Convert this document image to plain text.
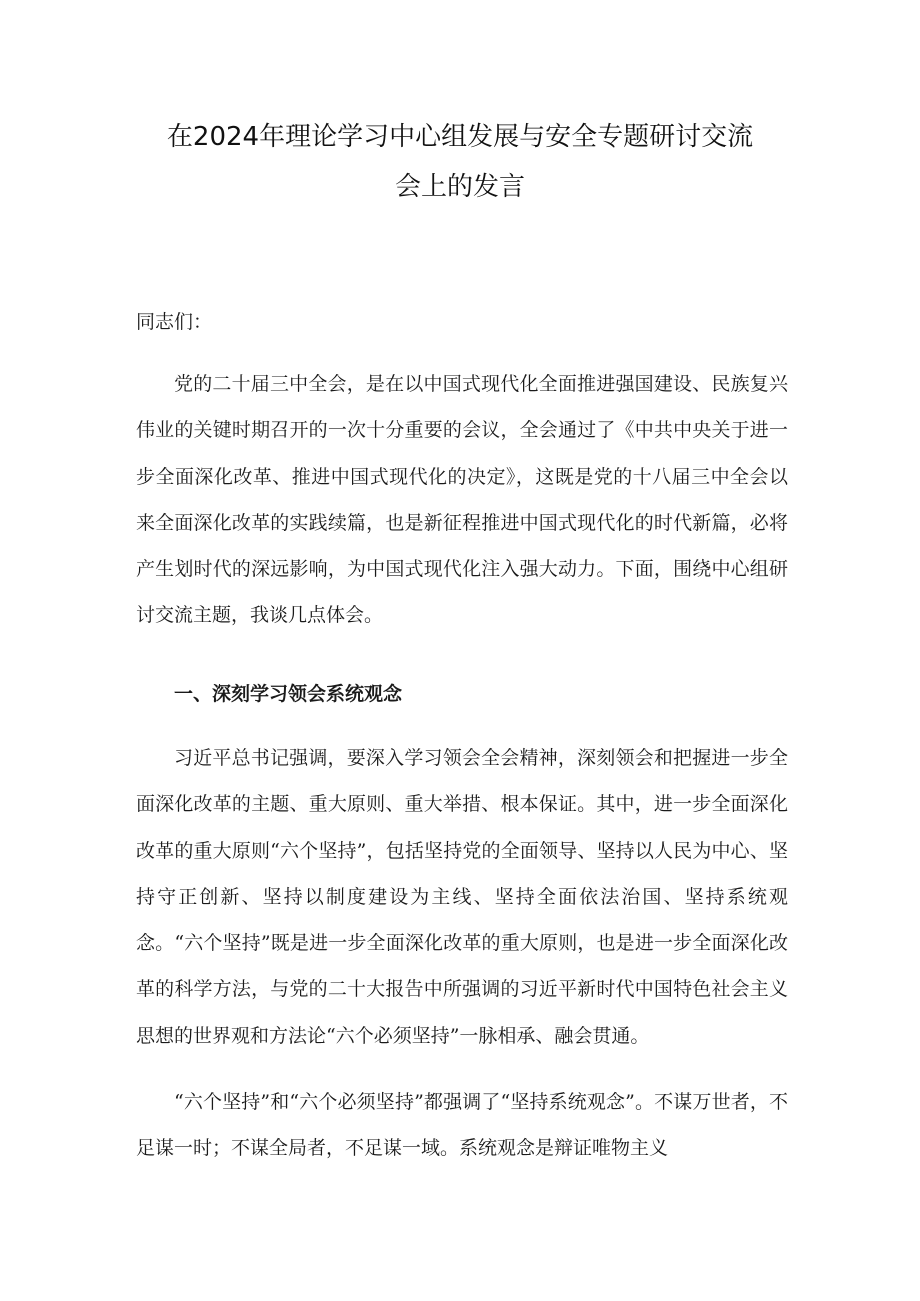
在2024年理论学习中心组发展与安全专题研讨交流
会上的发言
同志们：

党的二十届三中全会，是在以中国式现代化全面推进强国建设、民族复兴伟业的关键时期召开的一次十分重要的会议，全会通过了《中共中央关于进一步全面深化改革、推进中国式现代化的决定》，这既是党的十八届三中全会以来全面深化改革的实践续篇，也是新征程推进中国式现代化的时代新篇，必将产生划时代的深远影响，为中国式现代化注入强大动力。下面，围绕中心组研讨交流主题，我谈几点体会。

一、深刻学习领会系统观念

习近平总书记强调，要深入学习领会全会精神，深刻领会和把握进一步全面深化改革的主题、重大原则、重大举措、根本保证。其中，进一步全面深化改革的重大原则“六个坚持”，包括坚持党的全面领导、坚持以人民为中心、坚持守正创新、坚持以制度建设为主线、坚持全面依法治国、坚持系统观念。“六个坚持”既是进一步全面深化改革的重大原则，也是进一步全面深化改革的科学方法，与党的二十大报告中所强调的习近平新时代中国特色社会主义思想的世界观和方法论“六个必须坚持”一脉相承、融会贯通。

“六个坚持”和“六个必须坚持”都强调了“坚持系统观念”。不谋万世者，不足谋一时；不谋全局者，不足谋一域。系统观念是辩证唯物主义
